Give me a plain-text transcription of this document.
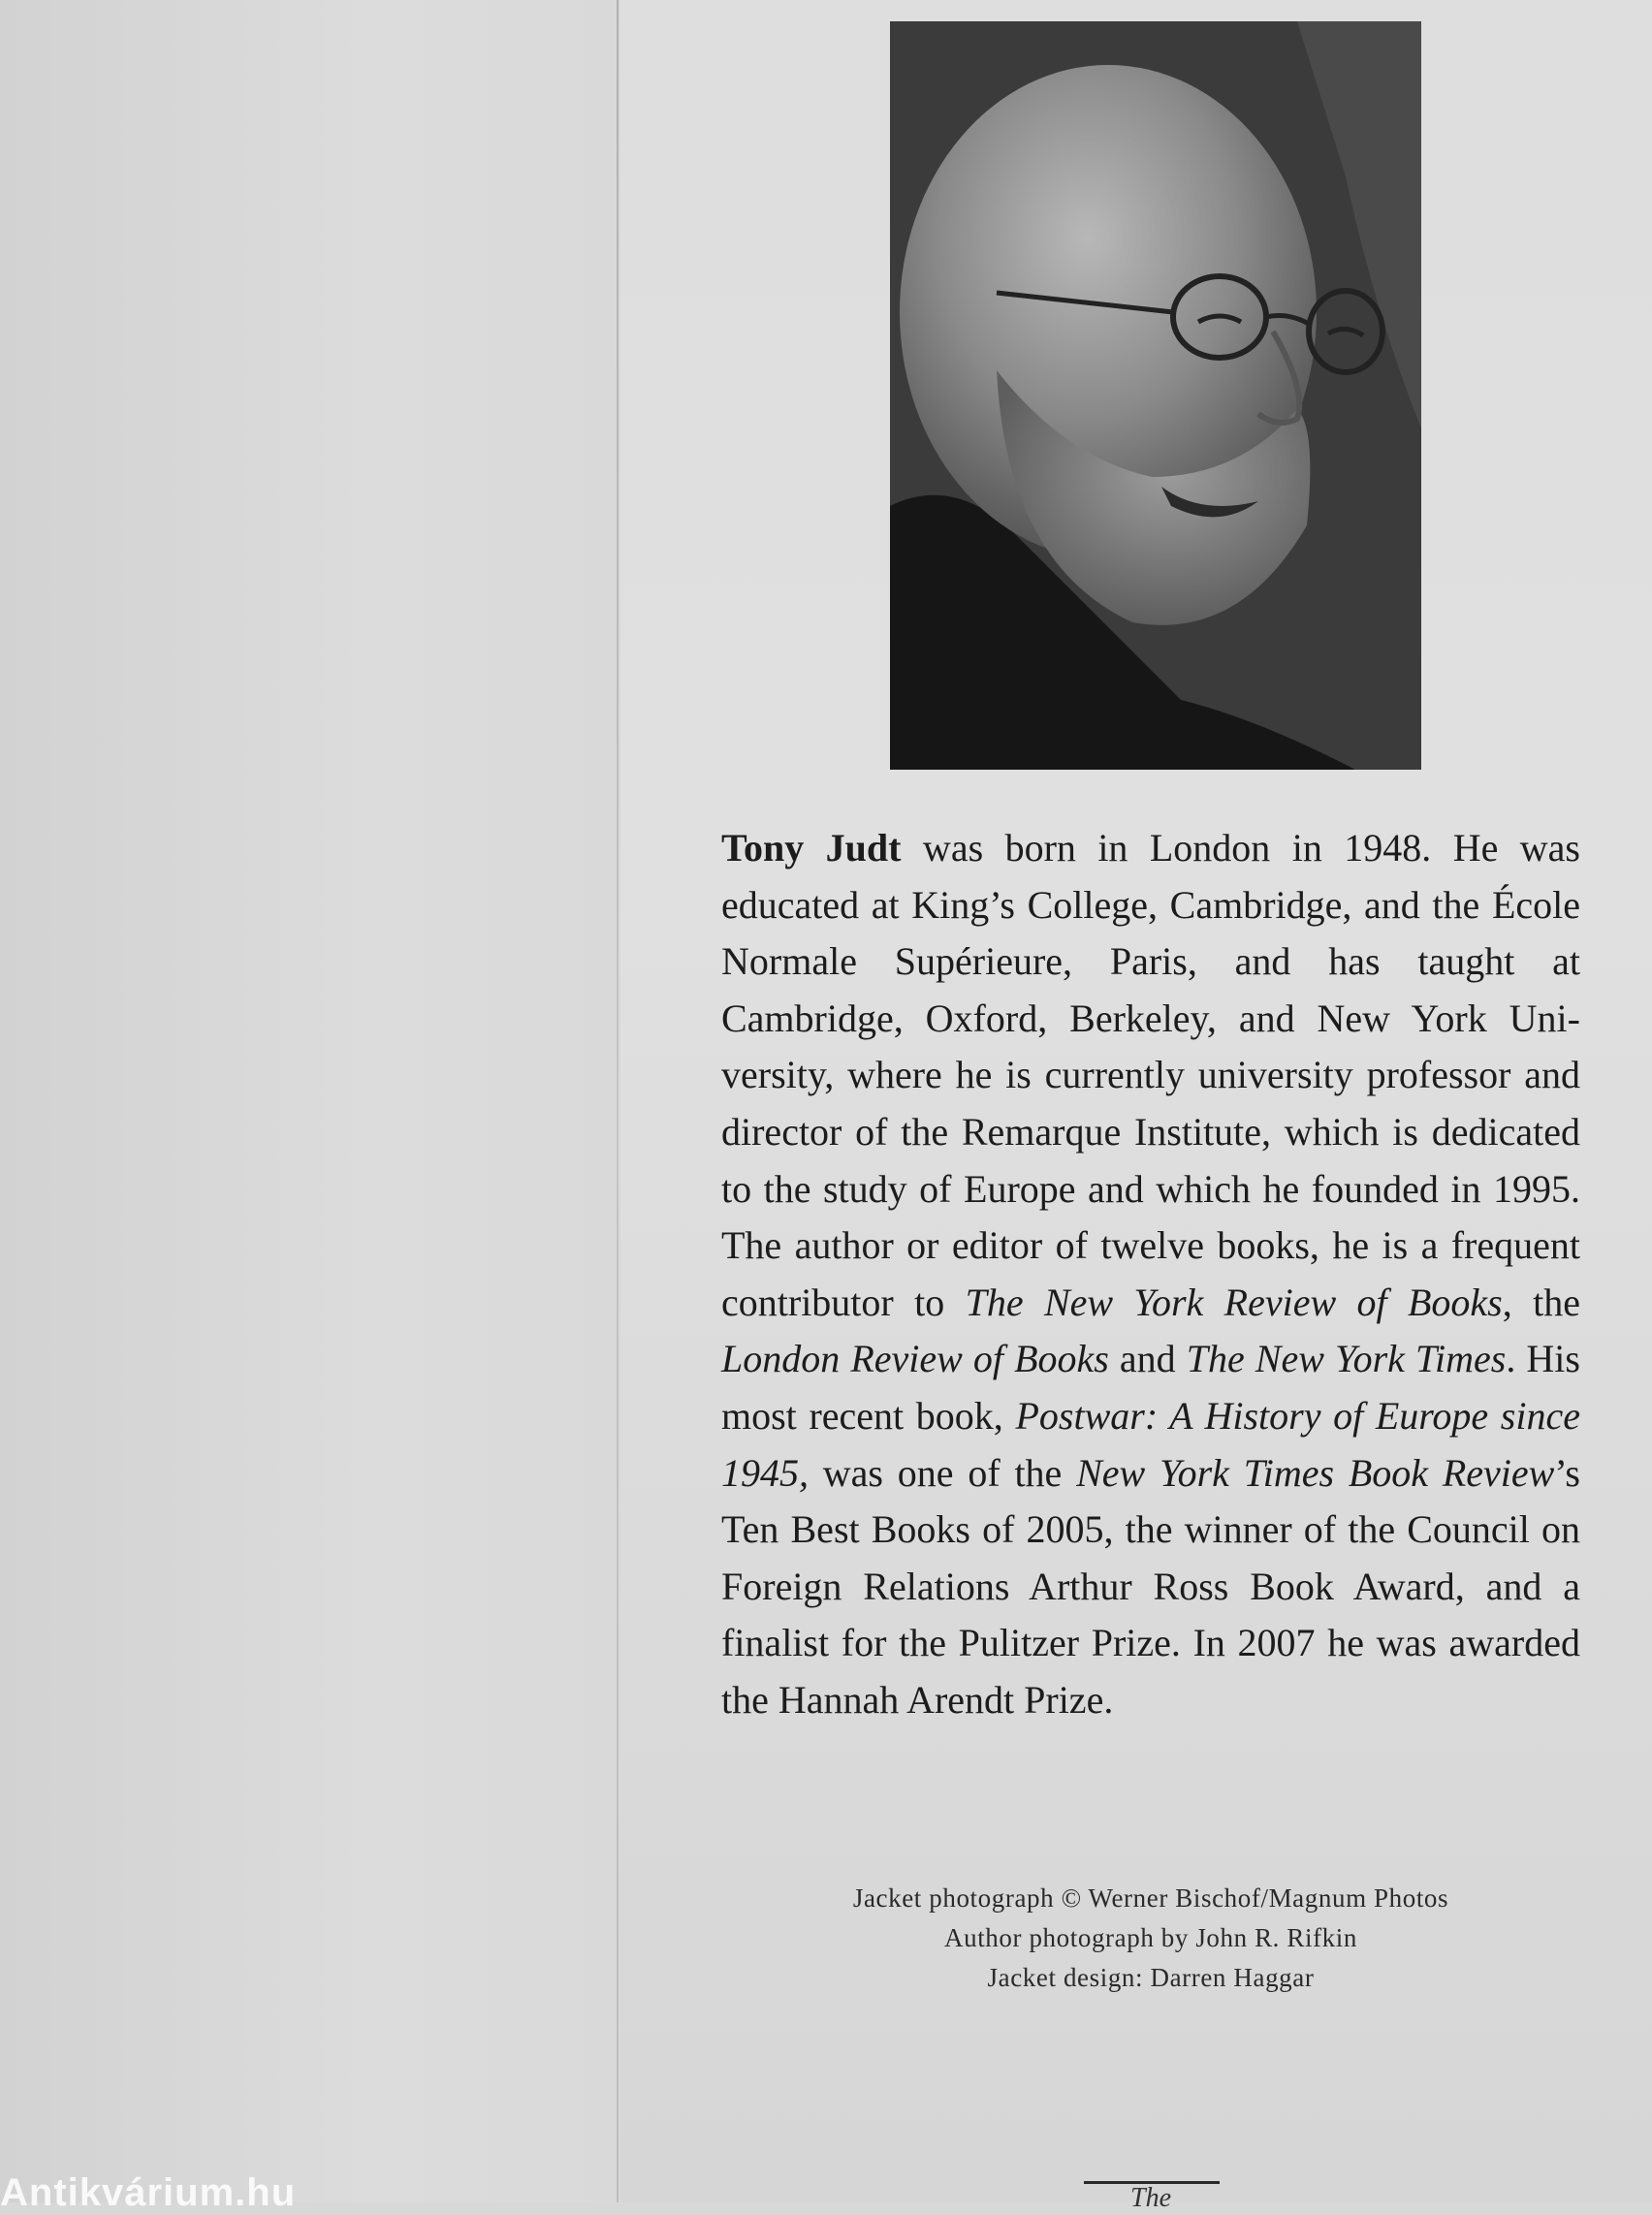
Tony Judt was born in London in 1948. He was educated at King’s College, Cambridge, and the École Normale Supérieure, Paris, and has taught at Cambridge, Oxford, Berkeley, and New York University, where he is currently university professor and director of the Remarque Institute, which is dedicated to the study of Europe and which he founded in 1995. The author or editor of twelve books, he is a frequent contributor to The New York Review of Books, the London Review of Books and The New York Times. His most recent book, Postwar: A History of Europe since 1945, was one of the New York Times Book Review’s Ten Best Books of 2005, the winner of the Council on Foreign Relations Arthur Ross Book Award, and a finalist for the Pulitzer Prize. In 2007 he was awarded the Hannah Arendt Prize.
Jacket photograph © Werner Bischof/Magnum Photos
Author photograph by John R. Rifkin
Jacket design: Darren Haggar
The
Antikvárium.hu
